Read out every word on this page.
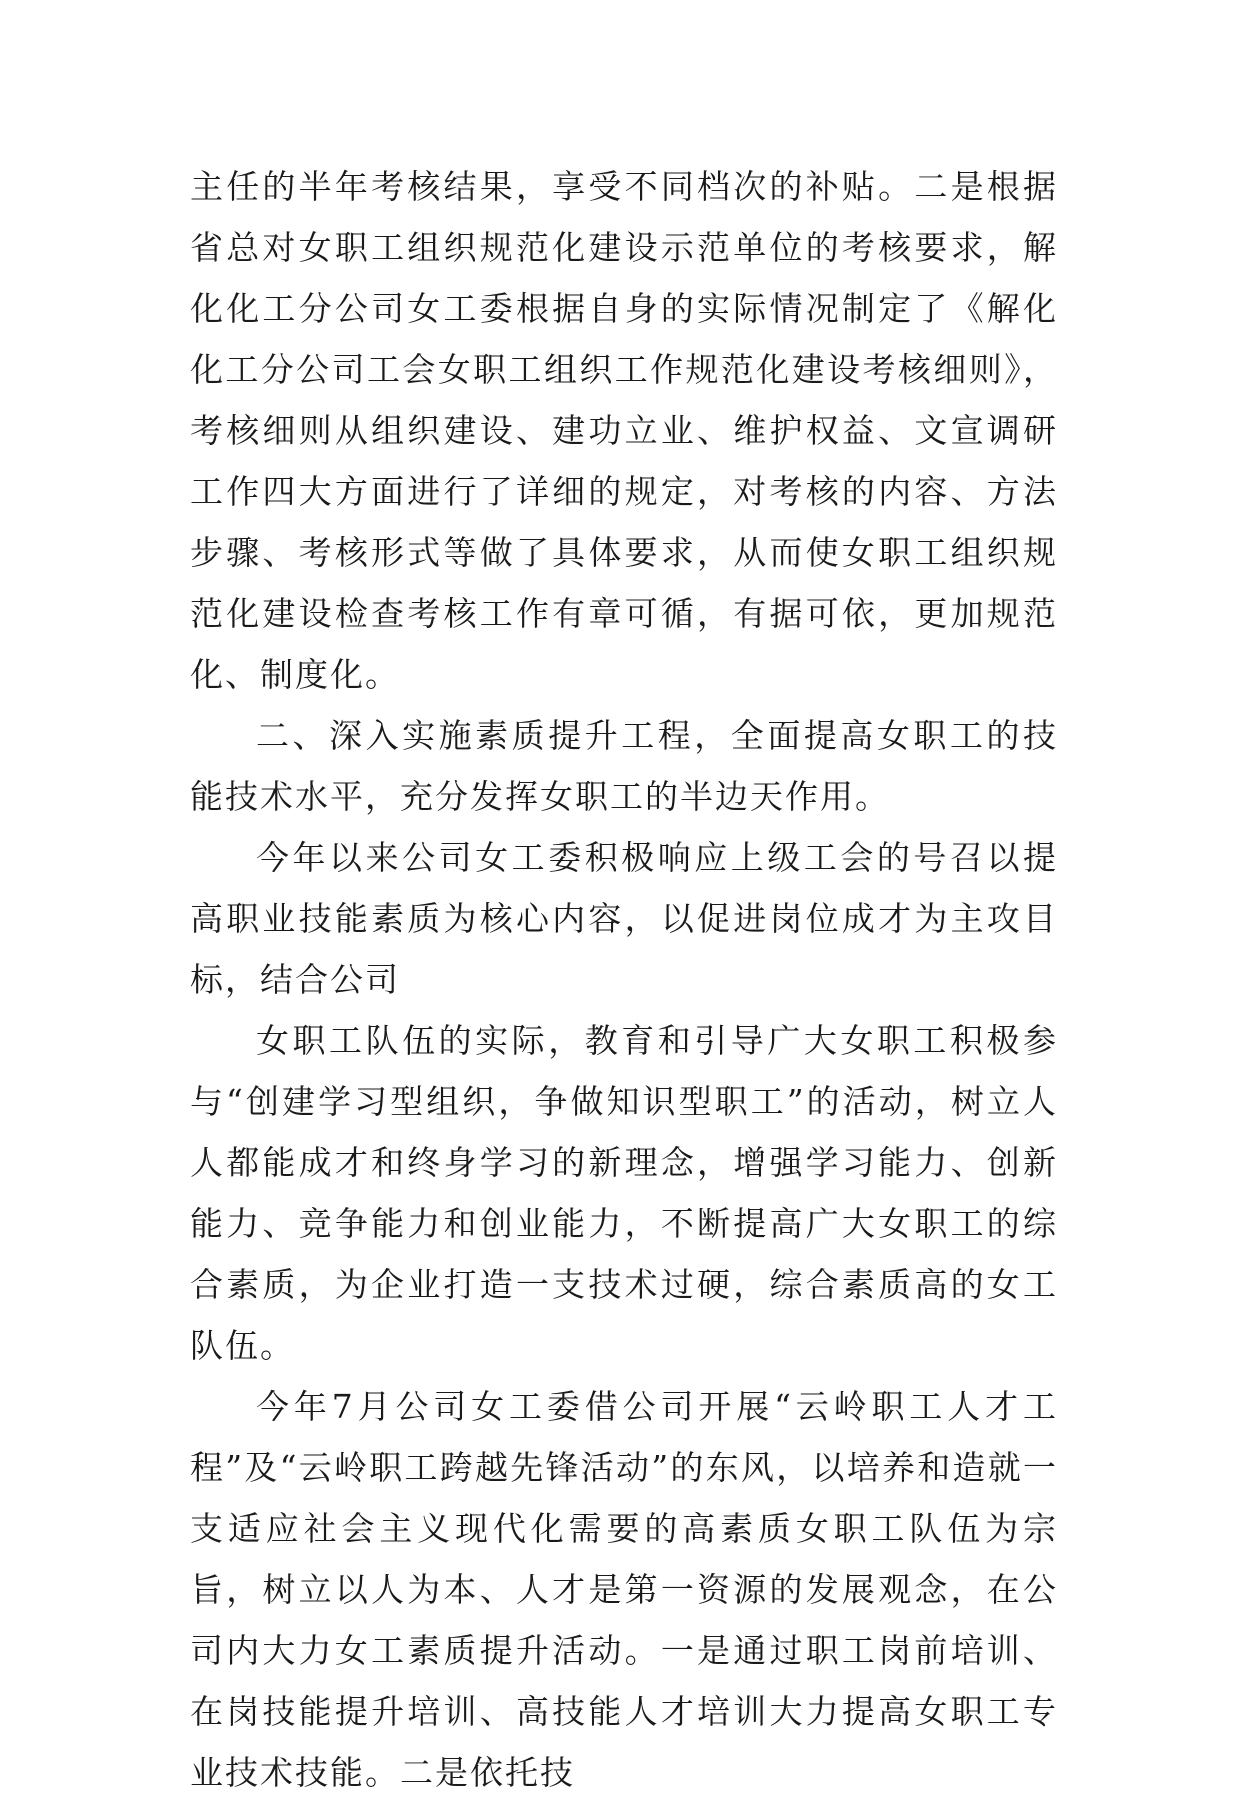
主任的半年考核结果，享受不同档次的补贴。二是根据省总对女职工组织规范化建设示范单位的考核要求，解化化工分公司女工委根据自身的实际情况制定了《解化化工分公司工会女职工组织工作规范化建设考核细则》，考核细则从组织建设、建功立业、维护权益、文宣调研工作四大方面进行了详细的规定，对考核的内容、方法步骤、考核形式等做了具体要求，从而使女职工组织规范化建设检查考核工作有章可循，有据可依，更加规范化、制度化。

二、深入实施素质提升工程，全面提高女职工的技能技术水平，充分发挥女职工的半边天作用。

今年以来公司女工委积极响应上级工会的号召以提高职业技能素质为核心内容，以促进岗位成才为主攻目标，结合公司

女职工队伍的实际，教育和引导广大女职工积极参与“创建学习型组织，争做知识型职工”的活动，树立人人都能成才和终身学习的新理念，增强学习能力、创新能力、竞争能力和创业能力，不断提高广大女职工的综合素质，为企业打造一支技术过硬，综合素质高的女工队伍。

今年7月公司女工委借公司开展“云岭职工人才工程”及“云岭职工跨越先锋活动”的东风，以培养和造就一支适应社会主义现代化需要的高素质女职工队伍为宗旨，树立以人为本、人才是第一资源的发展观念，在公司内大力女工素质提升活动。一是通过职工岗前培训、在岗技能提升培训、高技能人才培训大力提高女职工专业技术技能。二是依托技
